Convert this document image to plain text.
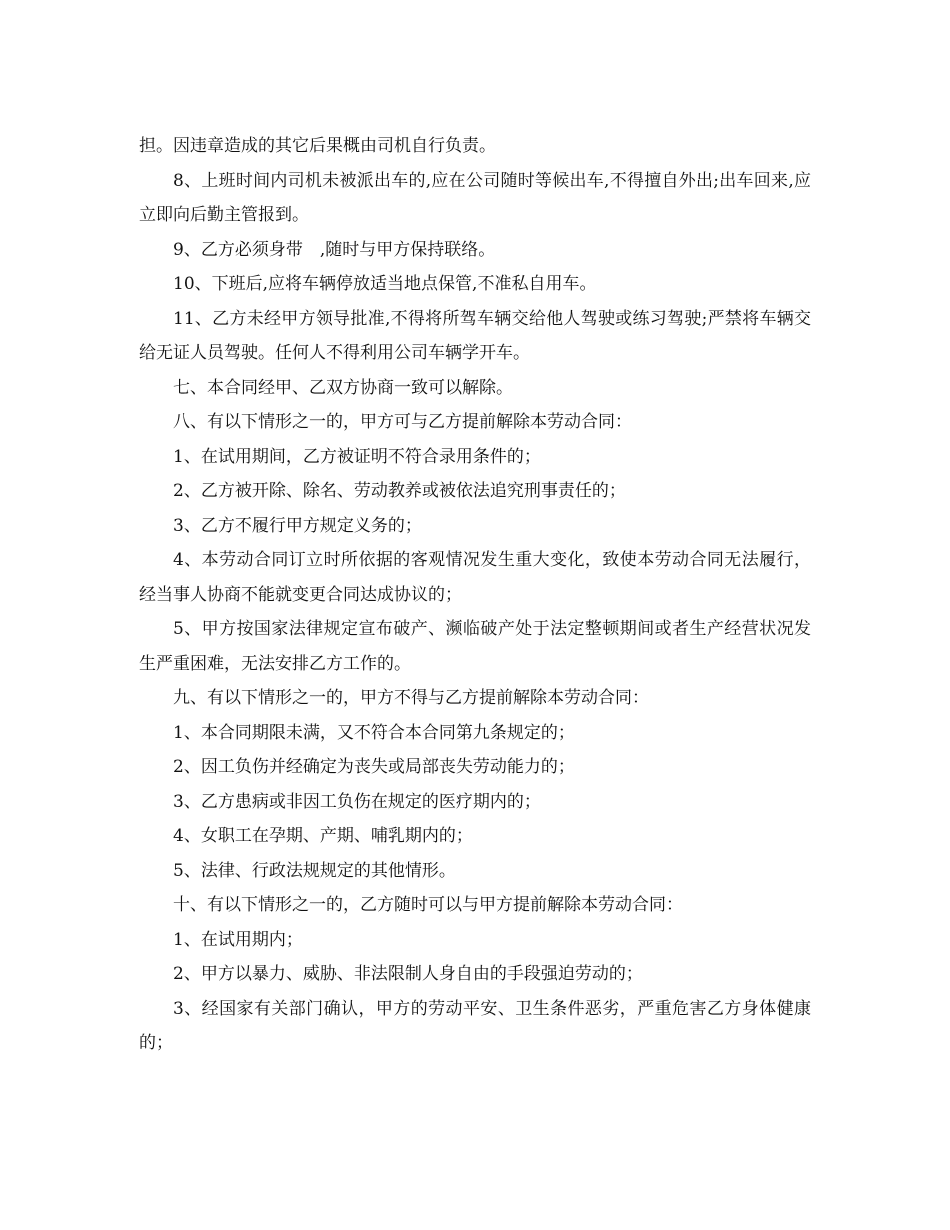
担。因违章造成的其它后果概由司机自行负责。

8、上班时间内司机未被派出车的,应在公司随时等候出车,不得擅自外出;出车回来,应立即向后勤主管报到。

9、乙方必须身带　,随时与甲方保持联络。

10、下班后,应将车辆停放适当地点保管,不准私自用车。

11、乙方未经甲方领导批准,不得将所驾车辆交给他人驾驶或练习驾驶;严禁将车辆交给无证人员驾驶。任何人不得利用公司车辆学开车。

七、本合同经甲、乙双方协商一致可以解除。

八、有以下情形之一的，甲方可与乙方提前解除本劳动合同：

1、在试用期间，乙方被证明不符合录用条件的；

2、乙方被开除、除名、劳动教养或被依法追究刑事责任的；

3、乙方不履行甲方规定义务的；

4、本劳动合同订立时所依据的客观情况发生重大变化，致使本劳动合同无法履行，经当事人协商不能就变更合同达成协议的；

5、甲方按国家法律规定宣布破产、濒临破产处于法定整顿期间或者生产经营状况发生严重困难，无法安排乙方工作的。

九、有以下情形之一的，甲方不得与乙方提前解除本劳动合同：

1、本合同期限未满，又不符合本合同第九条规定的；

2、因工负伤并经确定为丧失或局部丧失劳动能力的；

3、乙方患病或非因工负伤在规定的医疗期内的；

4、女职工在孕期、产期、哺乳期内的；

5、法律、行政法规规定的其他情形。

十、有以下情形之一的，乙方随时可以与甲方提前解除本劳动合同：

1、在试用期内；

2、甲方以暴力、威胁、非法限制人身自由的手段强迫劳动的；

3、经国家有关部门确认，甲方的劳动平安、卫生条件恶劣，严重危害乙方身体健康的；
